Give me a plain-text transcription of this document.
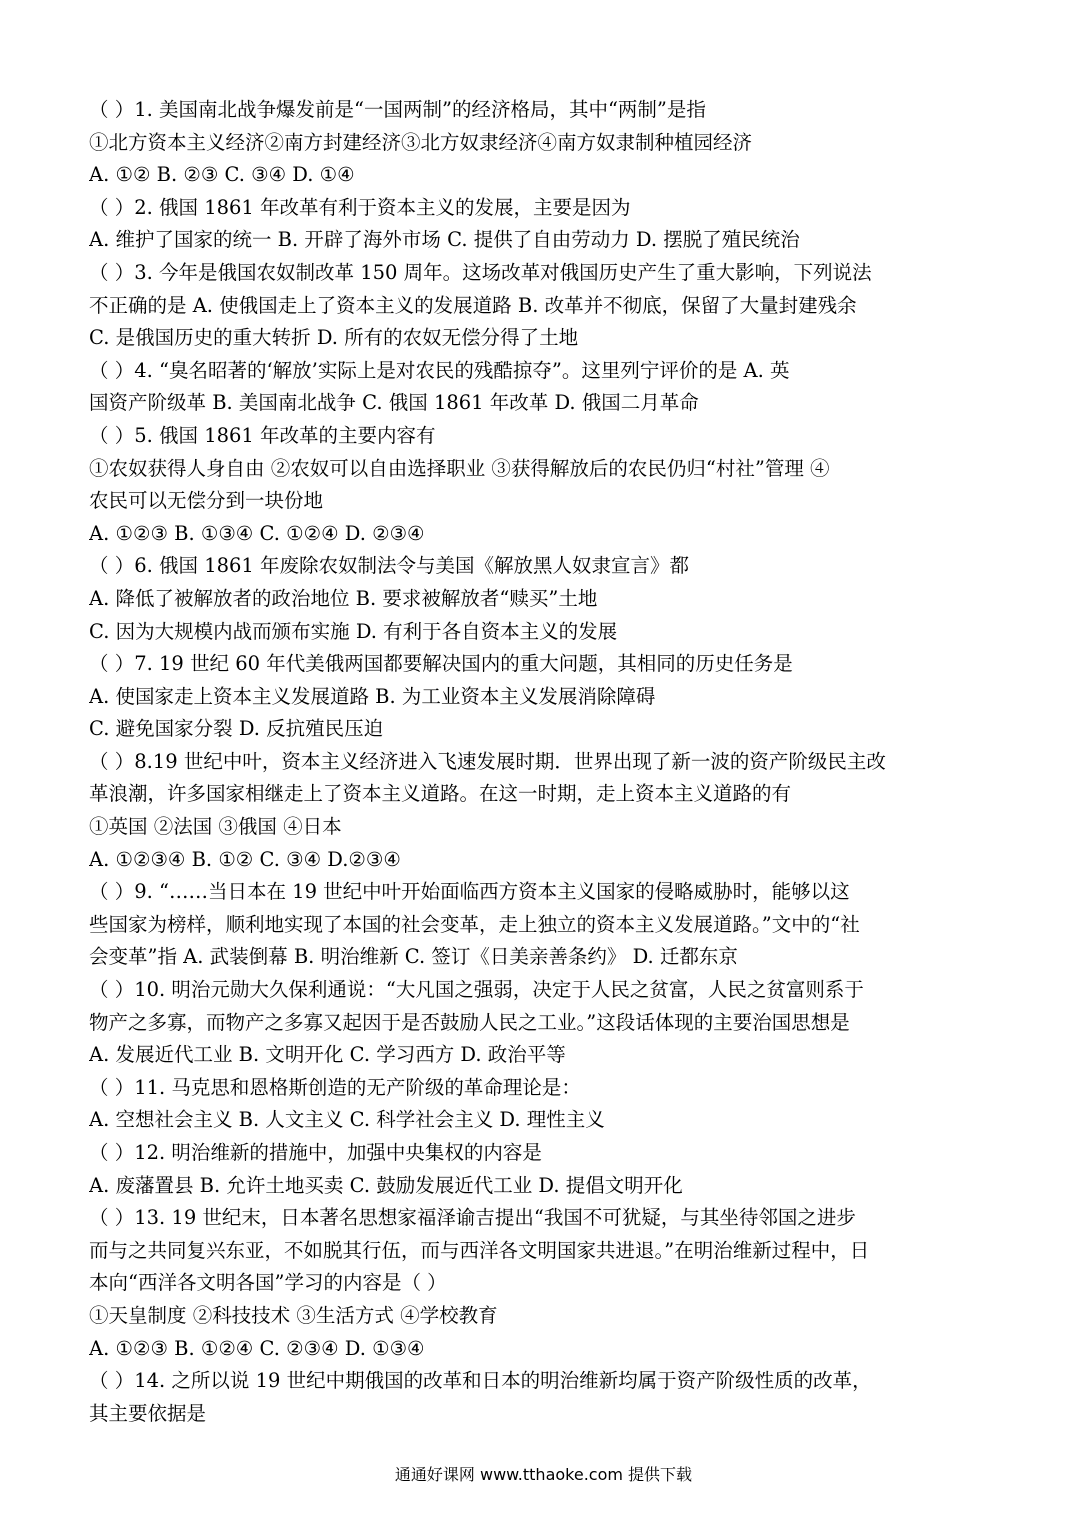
（ ）1. 美国南北战争爆发前是“一国两制”的经济格局，其中“两制”是指
①北方资本主义经济②南方封建经济③北方奴隶经济④南方奴隶制种植园经济
A. ①② B. ②③ C. ③④ D. ①④
（ ）2. 俄国 1861 年改革有利于资本主义的发展，主要是因为
A. 维护了国家的统一 B. 开辟了海外市场 C. 提供了自由劳动力 D. 摆脱了殖民统治
（ ）3. 今年是俄国农奴制改革 150 周年。这场改革对俄国历史产生了重大影响，下列说法
不正确的是 A. 使俄国走上了资本主义的发展道路 B. 改革并不彻底，保留了大量封建残余
C. 是俄国历史的重大转折 D. 所有的农奴无偿分得了土地
（ ）4. “臭名昭著的‘解放’实际上是对农民的残酷掠夺”。这里列宁评价的是 A. 英
国资产阶级革 B. 美国南北战争 C. 俄国 1861 年改革 D. 俄国二月革命
（ ）5. 俄国 1861 年改革的主要内容有
①农奴获得人身自由 ②农奴可以自由选择职业 ③获得解放后的农民仍归“村社”管理 ④
农民可以无偿分到一块份地
A. ①②③ B. ①③④ C. ①②④ D. ②③④
（ ）6. 俄国 1861 年废除农奴制法令与美国《解放黑人奴隶宣言》都
A. 降低了被解放者的政治地位 B. 要求被解放者“赎买”土地
C. 因为大规模内战而颁布实施 D. 有利于各自资本主义的发展
（ ）7. 19 世纪 60 年代美俄两国都要解决国内的重大问题，其相同的历史任务是
A. 使国家走上资本主义发展道路 B. 为工业资本主义发展消除障碍
C. 避免国家分裂 D. 反抗殖民压迫
（ ）8.19 世纪中叶，资本主义经济进入飞速发展时期．世界出现了新一波的资产阶级民主改
革浪潮，许多国家相继走上了资本主义道路。在这一时期，走上资本主义道路的有
①英国 ②法国 ③俄国 ④日本
A. ①②③④ B. ①② C. ③④ D.②③④
（ ）9. “……当日本在 19 世纪中叶开始面临西方资本主义国家的侵略威胁时，能够以这
些国家为榜样，顺利地实现了本国的社会变革，走上独立的资本主义发展道路。”文中的“社
会变革”指 A. 武装倒幕 B. 明治维新 C. 签订《日美亲善条约》 D. 迁都东京
（ ）10. 明治元勋大久保利通说：“大凡国之强弱，决定于人民之贫富，人民之贫富则系于
物产之多寡，而物产之多寡又起因于是否鼓励人民之工业。”这段话体现的主要治国思想是
A. 发展近代工业 B. 文明开化 C. 学习西方 D. 政治平等
（ ）11. 马克思和恩格斯创造的无产阶级的革命理论是：
A. 空想社会主义 B. 人文主义 C. 科学社会主义 D. 理性主义
（ ）12. 明治维新的措施中，加强中央集权的内容是
A. 废藩置县 B. 允许土地买卖 C. 鼓励发展近代工业 D. 提倡文明开化
（ ）13. 19 世纪末，日本著名思想家福泽谕吉提出“我国不可犹疑，与其坐待邻国之进步
而与之共同复兴东亚，不如脱其行伍，而与西洋各文明国家共进退。”在明治维新过程中，日
本向“西洋各文明各国”学习的内容是（ ）
①天皇制度 ②科技技术 ③生活方式 ④学校教育
A. ①②③ B. ①②④ C. ②③④ D. ①③④
（ ）14. 之所以说 19 世纪中期俄国的改革和日本的明治维新均属于资产阶级性质的改革，
其主要依据是
通通好课网 www.tthaoke.com 提供下载
